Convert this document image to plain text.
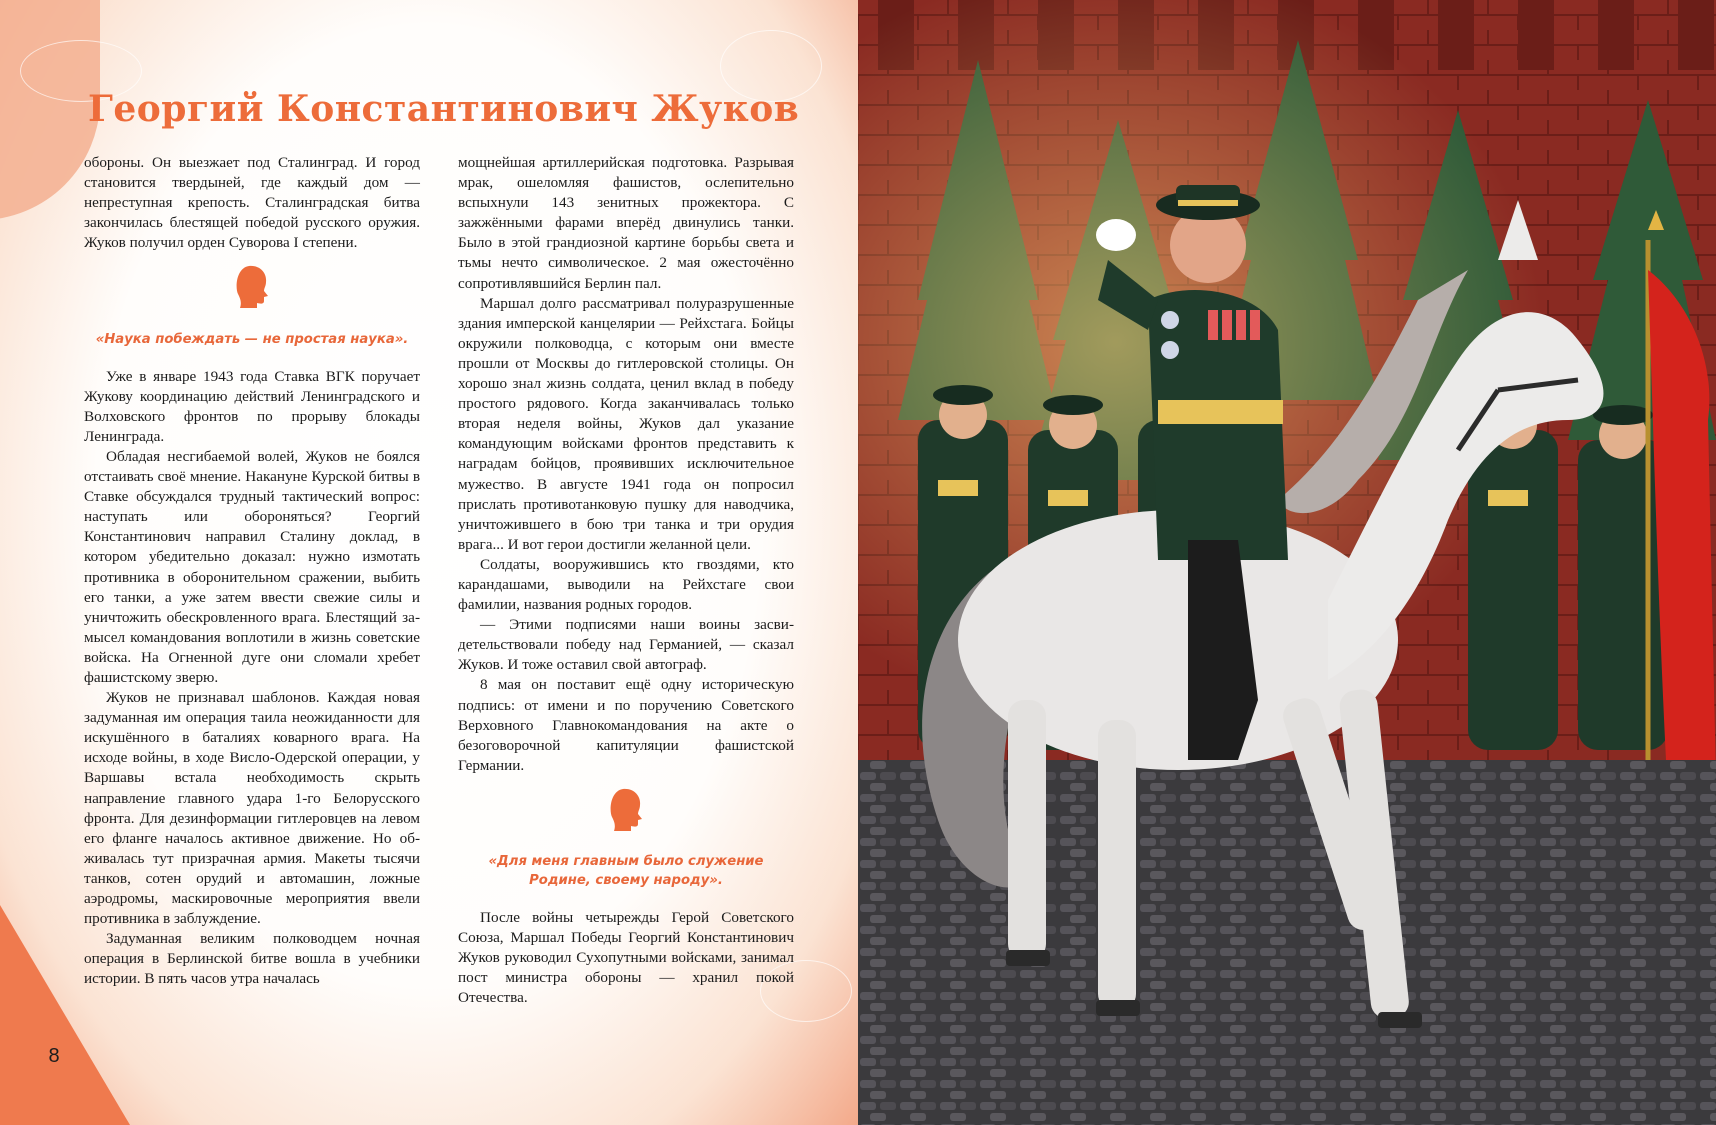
Георгий Константинович Жуков

обороны. Он выезжает под Сталинград. И город становится твердыней, где каждый дом — непреступная крепость. Сталинградская битва закончилась блестящей победой русского оружия. Жуков получил орден Суворова I степени.

«Наука побеждать — не простая наука».

Уже в январе 1943 года Ставка ВГК поручает Жукову координацию действий Ленинградского и Волховского фронтов по прорыву блокады Ленинграда.

Обладая несгибаемой волей, Жуков не боялся отстаивать своё мнение. Накануне Курской битвы в Ставке обсуждался трудный тактический вопрос: наступать или обороняться? Георгий Константинович направил Сталину доклад, в котором убедительно доказал: нужно измотать противника в оборонительном сражении, выбить его танки, а уже затем ввести свежие силы и уничтожить обескровленного врага. Блестящий замысел командования воплотили в жизнь советские войска. На Огненной дуге они сломали хребет фашистскому зверю.

Жуков не признавал шаблонов. Каждая новая задуманная им операция таила неожиданности для искушённого в баталиях коварного врага. На исходе войны, в ходе Висло-Одерской операции, у Варшавы встала необходимость скрыть направление главного удара 1-го Белорусского фронта. Для дезинформации гитлеровцев на левом его фланге началось активное движение. Но обживалась тут призрачная армия. Макеты тысячи танков, сотен орудий и автомашин, ложные аэродромы, маскировочные мероприятия ввели противника в заблуждение.

Задуманная великим полководцем ночная операция в Берлинской битве вошла в учебники истории. В пять часов утра началась

мощнейшая артиллерийская подготовка. Разрывая мрак, ошеломляя фашистов, ослепительно вспыхнули 143 зенитных прожектора. С зажжёнными фарами вперёд двинулись танки. Было в этой грандиозной картине борьбы света и тьмы нечто символическое. 2 мая ожесточённо сопротивлявшийся Берлин пал.

Маршал долго рассматривал полуразрушенные здания имперской канцелярии — Рейхстага. Бойцы окружили полководца, с которым они вместе прошли от Москвы до гитлеровской столицы. Он хорошо знал жизнь солдата, ценил вклад в победу простого рядового. Когда заканчивалась только вторая неделя войны, Жуков дал указание командующим войсками фронтов представить к наградам бойцов, проявивших исключительное мужество. В августе 1941 года он попросил прислать противотанковую пушку для наводчика, уничтожившего в бою три танка и три орудия врага... И вот герои достигли желанной цели.

Солдаты, вооружившись кто гвоздями, кто карандашами, выводили на Рейхстаге свои фамилии, названия родных городов.

— Этими подписями наши воины засвидетельствовали победу над Германией, — сказал Жуков. И тоже оставил свой автограф.

8 мая он поставит ещё одну историческую подпись: от имени и по поручению Советского Верховного Главнокомандования на акте о безоговорочной капитуляции фашистской Германии.

«Для меня главным было служение Родине, своему народу».

После войны четырежды Герой Советского Союза, Маршал Победы Георгий Константинович Жуков руководил Сухопутными войсками, занимал пост министра обороны — хранил покой Отечества.

8
